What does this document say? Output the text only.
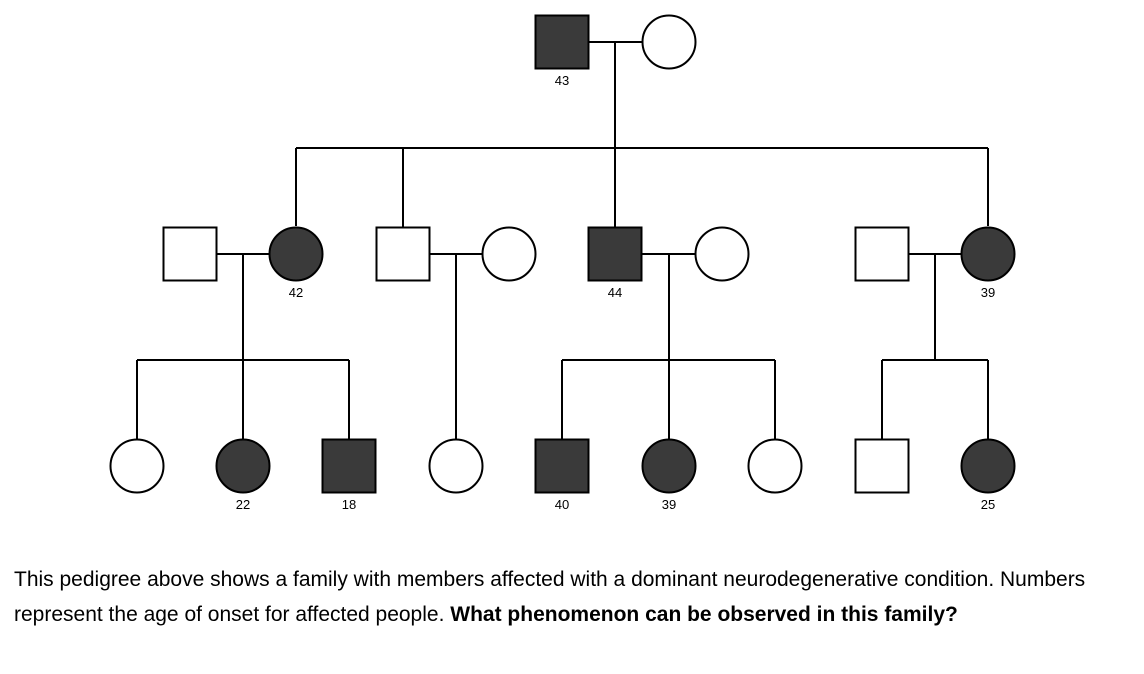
43
42	44	39
22	18	40	39	25
This pedigree above shows a family with members affected with a dominant neurodegenerative condition. Numbers represent the age of onset for affected people. What phenomenon can be observed in this family?
